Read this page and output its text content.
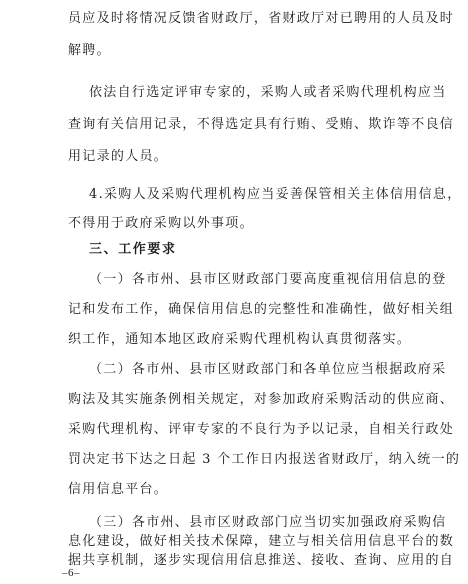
员应及时将情况反馈省财政厅，省财政厅对已聘用的人员及时
解聘。
依法自行选定评审专家的，采购人或者采购代理机构应当
查询有关信用记录，不得选定具有行贿、受贿、欺诈等不良信
用记录的人员。
4.采购人及采购代理机构应当妥善保管相关主体信用信息，
不得用于政府采购以外事项。
三、工作要求
（一）各市州、县市区财政部门要高度重视信用信息的登
记和发布工作，确保信用信息的完整性和准确性，做好相关组
织工作，通知本地区政府采购代理机构认真贯彻落实。
（二）各市州、县市区财政部门和各单位应当根据政府采
购法及其实施条例相关规定，对参加政府采购活动的供应商、
采购代理机构、评审专家的不良行为予以记录，自相关行政处
罚决定书下达之日起 3 个工作日内报送省财政厅，纳入统一的
信用信息平台。
（三）各市州、县市区财政部门应当切实加强政府采购信
息化建设，做好相关技术保障，建立与相关信用信息平台的数
据共享机制，逐步实现信用信息推送、接收、查询、应用的自
–6–
